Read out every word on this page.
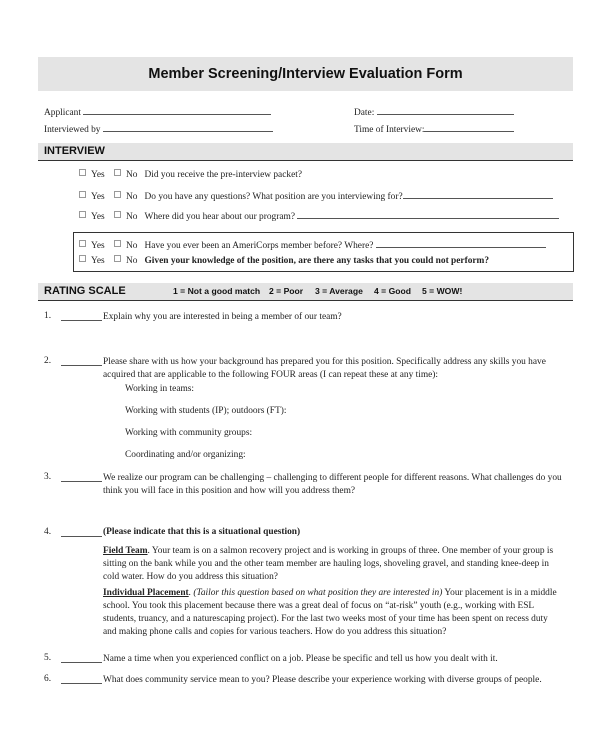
Member Screening/Interview Evaluation Form
Applicant	Date:
Interviewed by	Time of Interview:
INTERVIEW
Yes No Did you receive the pre-interview packet?
Yes No Do you have any questions? What position are you interviewing for?
Yes No Where did you hear about our program?
Yes No Have you ever been an AmeriCorps member before? Where?
Yes No Given your knowledge of the position, are there any tasks that you could not perform?
RATING SCALE	1 = Not a good match 2 = Poor 3 = Average 4 = Good 5 = WOW!
1.	Explain why you are interested in being a member of our team?
2.	Please share with us how your background has prepared you for this position. Specifically address any skills you have acquired that are applicable to the following FOUR areas (I can repeat these at any time):
Working in teams:
Working with students (IP); outdoors (FT):
Working with community groups:
Coordinating and/or organizing:
3.	We realize our program can be challenging – challenging to different people for different reasons. What challenges do you think you will face in this position and how will you address them?
4.	(Please indicate that this is a situational question)
Field Team. Your team is on a salmon recovery project and is working in groups of three. One member of your group is sitting on the bank while you and the other team member are hauling logs, shoveling gravel, and standing knee-deep in cold water. How do you address this situation?
Individual Placement. (Tailor this question based on what position they are interested in) Your placement is in a middle school. You took this placement because there was a great deal of focus on “at-risk” youth (e.g., working with ESL students, truancy, and a naturescaping project). For the last two weeks most of your time has been spent on recess duty and making phone calls and copies for various teachers. How do you address this situation?
5.	Name a time when you experienced conflict on a job. Please be specific and tell us how you dealt with it.
6.	What does community service mean to you? Please describe your experience working with diverse groups of people.
